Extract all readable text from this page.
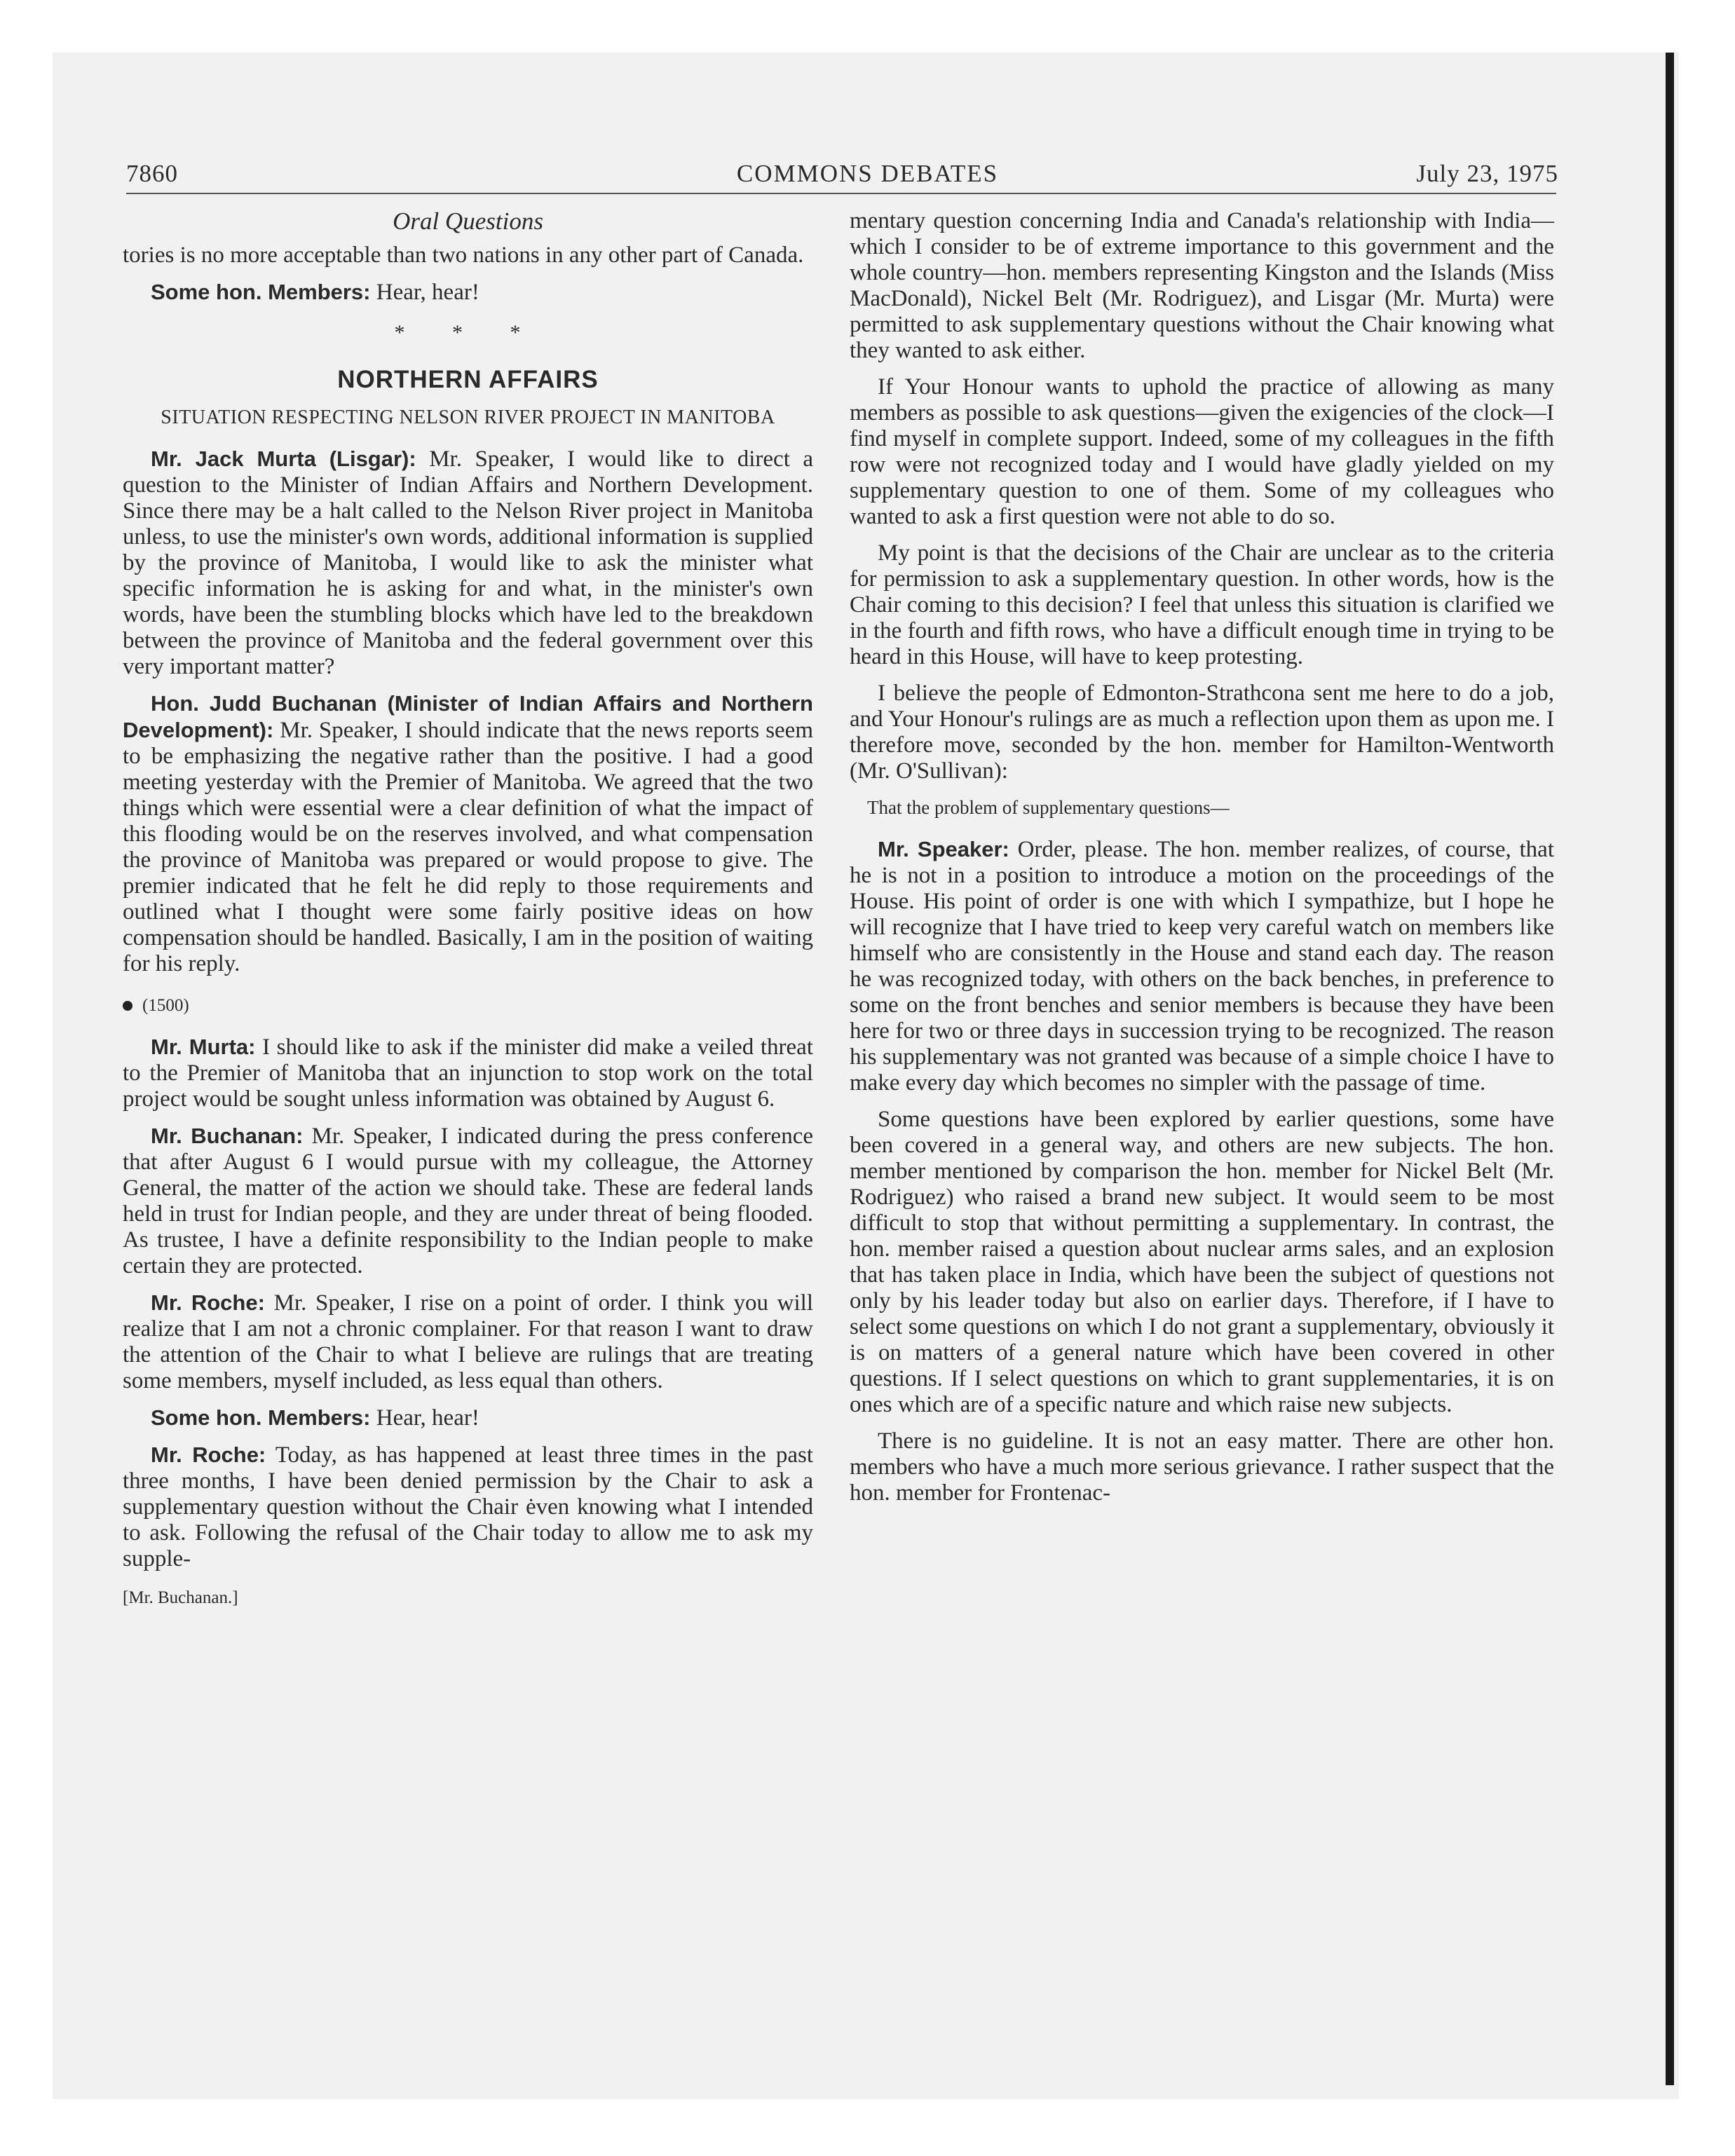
7860	COMMONS DEBATES	July 23, 1975
Oral Questions

tories is no more acceptable than two nations in any other part of Canada.

Some hon. Members: Hear, hear!

* * *
NORTHERN AFFAIRS
SITUATION RESPECTING NELSON RIVER PROJECT IN MANITOBA

Mr. Jack Murta (Lisgar): Mr. Speaker, I would like to direct a question to the Minister of Indian Affairs and Northern Development. Since there may be a halt called to the Nelson River project in Manitoba unless, to use the minister's own words, additional information is supplied by the province of Manitoba, I would like to ask the minister what specific information he is asking for and what, in the minister's own words, have been the stumbling blocks which have led to the breakdown between the province of Manitoba and the federal government over this very important matter?

Hon. Judd Buchanan (Minister of Indian Affairs and Northern Development): Mr. Speaker, I should indicate that the news reports seem to be emphasizing the negative rather than the positive. I had a good meeting yesterday with the Premier of Manitoba. We agreed that the two things which were essential were a clear definition of what the impact of this flooding would be on the reserves involved, and what compensation the province of Manitoba was prepared or would propose to give. The premier indicated that he felt he did reply to those requirements and outlined what I thought were some fairly positive ideas on how compensation should be handled. Basically, I am in the position of waiting for his reply.

(1500)

Mr. Murta: I should like to ask if the minister did make a veiled threat to the Premier of Manitoba that an injunction to stop work on the total project would be sought unless information was obtained by August 6.

Mr. Buchanan: Mr. Speaker, I indicated during the press conference that after August 6 I would pursue with my colleague, the Attorney General, the matter of the action we should take. These are federal lands held in trust for Indian people, and they are under threat of being flooded. As trustee, I have a definite responsibility to the Indian people to make certain they are protected.

Mr. Roche: Mr. Speaker, I rise on a point of order. I think you will realize that I am not a chronic complainer. For that reason I want to draw the attention of the Chair to what I believe are rulings that are treating some members, myself included, as less equal than others.

Some hon. Members: Hear, hear!

Mr. Roche: Today, as has happened at least three times in the past three months, I have been denied permission by the Chair to ask a supplementary question without the Chair ėven knowing what I intended to ask. Following the refusal of the Chair today to allow me to ask my supple-

[Mr. Buchanan.]

mentary question concerning India and Canada's relationship with India—which I consider to be of extreme importance to this government and the whole country—hon. members representing Kingston and the Islands (Miss MacDonald), Nickel Belt (Mr. Rodriguez), and Lisgar (Mr. Murta) were permitted to ask supplementary questions without the Chair knowing what they wanted to ask either.

If Your Honour wants to uphold the practice of allowing as many members as possible to ask questions—given the exigencies of the clock—I find myself in complete support. Indeed, some of my colleagues in the fifth row were not recognized today and I would have gladly yielded on my supplementary question to one of them. Some of my colleagues who wanted to ask a first question were not able to do so.

My point is that the decisions of the Chair are unclear as to the criteria for permission to ask a supplementary question. In other words, how is the Chair coming to this decision? I feel that unless this situation is clarified we in the fourth and fifth rows, who have a difficult enough time in trying to be heard in this House, will have to keep protesting.

I believe the people of Edmonton-Strathcona sent me here to do a job, and Your Honour's rulings are as much a reflection upon them as upon me. I therefore move, seconded by the hon. member for Hamilton-Wentworth (Mr. O'Sullivan):

That the problem of supplementary questions—

Mr. Speaker: Order, please. The hon. member realizes, of course, that he is not in a position to introduce a motion on the proceedings of the House. His point of order is one with which I sympathize, but I hope he will recognize that I have tried to keep very careful watch on members like himself who are consistently in the House and stand each day. The reason he was recognized today, with others on the back benches, in preference to some on the front benches and senior members is because they have been here for two or three days in succession trying to be recognized. The reason his supplementary was not granted was because of a simple choice I have to make every day which becomes no simpler with the passage of time.

Some questions have been explored by earlier questions, some have been covered in a general way, and others are new subjects. The hon. member mentioned by comparison the hon. member for Nickel Belt (Mr. Rodriguez) who raised a brand new subject. It would seem to be most difficult to stop that without permitting a supplementary. In contrast, the hon. member raised a question about nuclear arms sales, and an explosion that has taken place in India, which have been the subject of questions not only by his leader today but also on earlier days. Therefore, if I have to select some questions on which I do not grant a supplementary, obviously it is on matters of a general nature which have been covered in other questions. If I select questions on which to grant supplementaries, it is on ones which are of a specific nature and which raise new subjects.

There is no guideline. It is not an easy matter. There are other hon. members who have a much more serious grievance. I rather suspect that the hon. member for Frontenac-
